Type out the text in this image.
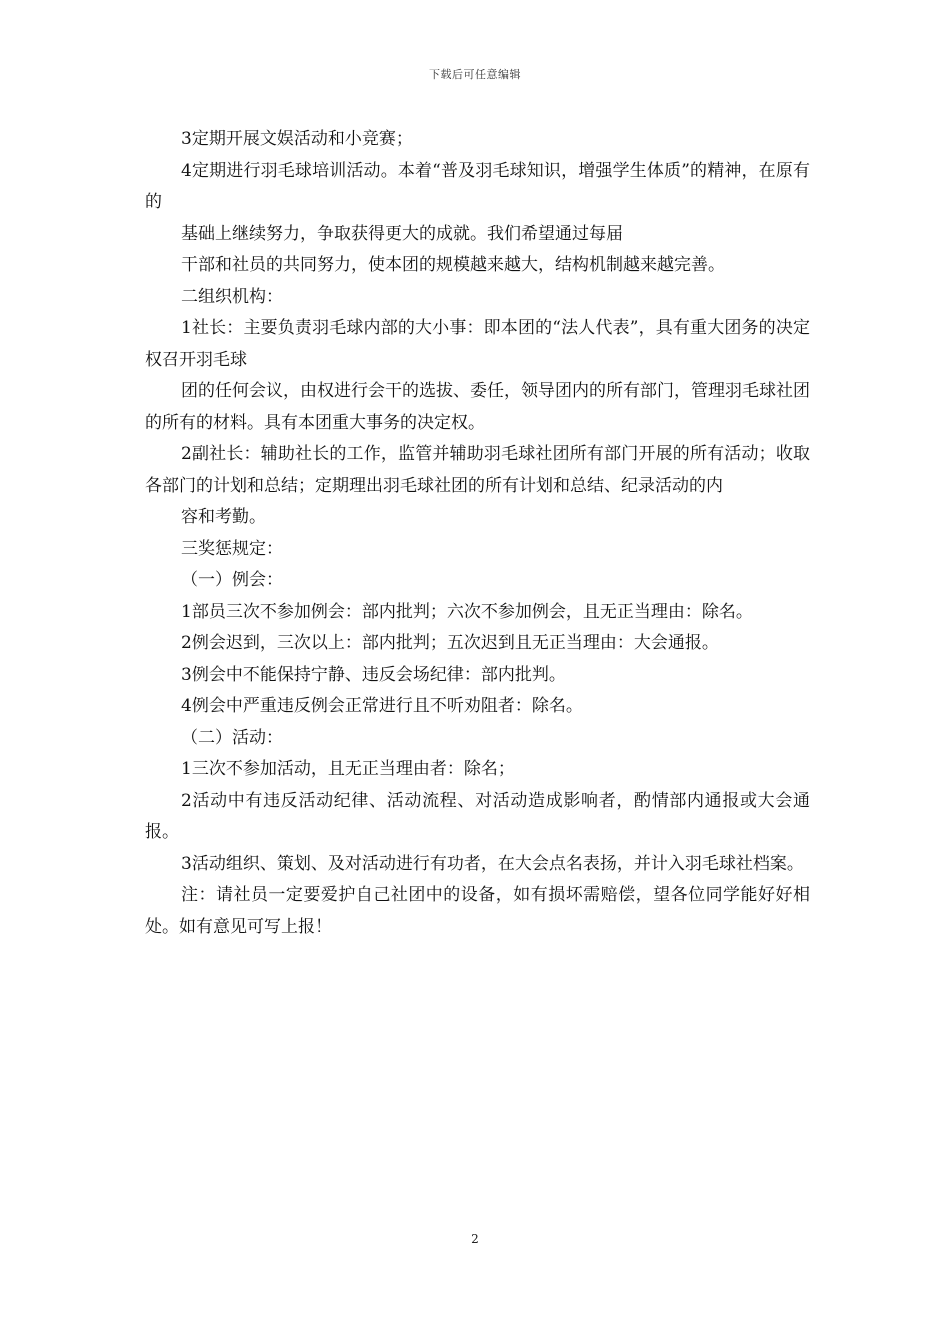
下载后可任意编辑

3定期开展文娱活动和小竞赛；

4定期进行羽毛球培训活动。本着“普及羽毛球知识，增强学生体质”的精神，在原有的

基础上继续努力，争取获得更大的成就。我们希望通过每届

干部和社员的共同努力，使本团的规模越来越大，结构机制越来越完善。

二组织机构：

1社长：主要负责羽毛球内部的大小事：即本团的“法人代表”，具有重大团务的决定权召开羽毛球

团的任何会议，由权进行会干的选拔、委任，领导团内的所有部门，管理羽毛球社团的所有的材料。具有本团重大事务的决定权。

2副社长：辅助社长的工作，监管并辅助羽毛球社团所有部门开展的所有活动；收取各部门的计划和总结；定期理出羽毛球社团的所有计划和总结、纪录活动的内

容和考勤。

三奖惩规定：

（一）例会：

1部员三次不参加例会：部内批判；六次不参加例会，且无正当理由：除名。

2例会迟到，三次以上：部内批判；五次迟到且无正当理由：大会通报。

3例会中不能保持宁静、违反会场纪律：部内批判。

4例会中严重违反例会正常进行且不听劝阻者：除名。

（二）活动：

1三次不参加活动，且无正当理由者：除名；

2活动中有违反活动纪律、活动流程、对活动造成影响者，酌情部内通报或大会通报。

3活动组织、策划、及对活动进行有功者，在大会点名表扬，并计入羽毛球社档案。

注：请社员一定要爱护自己社团中的设备，如有损坏需赔偿，望各位同学能好好相处。如有意见可写上报！

2
